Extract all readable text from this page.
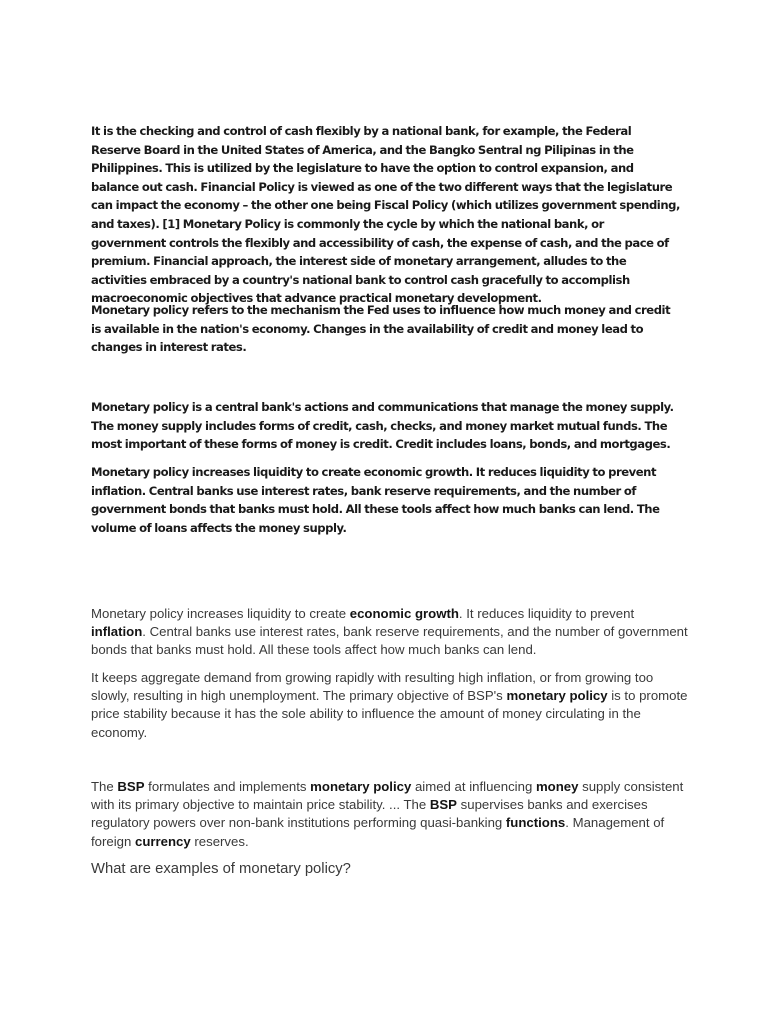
It is the checking and control of cash flexibly by a national bank, for example, the Federal Reserve Board in the United States of America, and the Bangko Sentral ng Pilipinas in the Philippines. This is utilized by the legislature to have the option to control expansion, and balance out cash. Financial Policy is viewed as one of the two different ways that the legislature can impact the economy – the other one being Fiscal Policy (which utilizes government spending, and taxes). [1] Monetary Policy is commonly the cycle by which the national bank, or government controls the flexibly and accessibility of cash, the expense of cash, and the pace of premium. Financial approach, the interest side of monetary arrangement, alludes to the activities embraced by a country's national bank to control cash gracefully to accomplish macroeconomic objectives that advance practical monetary development.

Monetary policy refers to the mechanism the Fed uses to influence how much money and credit is available in the nation's economy. Changes in the availability of credit and money lead to changes in interest rates.

Monetary policy is a central bank's actions and communications that manage the money supply. The money supply includes forms of credit, cash, checks, and money market mutual funds. The most important of these forms of money is credit. Credit includes loans, bonds, and mortgages.

Monetary policy increases liquidity to create economic growth. It reduces liquidity to prevent inflation. Central banks use interest rates, bank reserve requirements, and the number of government bonds that banks must hold. All these tools affect how much banks can lend. The volume of loans affects the money supply.

Monetary policy increases liquidity to create economic growth. It reduces liquidity to prevent inflation. Central banks use interest rates, bank reserve requirements, and the number of government bonds that banks must hold. All these tools affect how much banks can lend.

It keeps aggregate demand from growing rapidly with resulting high inflation, or from growing too slowly, resulting in high unemployment. The primary objective of BSP's monetary policy is to promote price stability because it has the sole ability to influence the amount of money circulating in the economy.

The BSP formulates and implements monetary policy aimed at influencing money supply consistent with its primary objective to maintain price stability. ... The BSP supervises banks and exercises regulatory powers over non-bank institutions performing quasi-banking functions. Management of foreign currency reserves.

What are examples of monetary policy?
